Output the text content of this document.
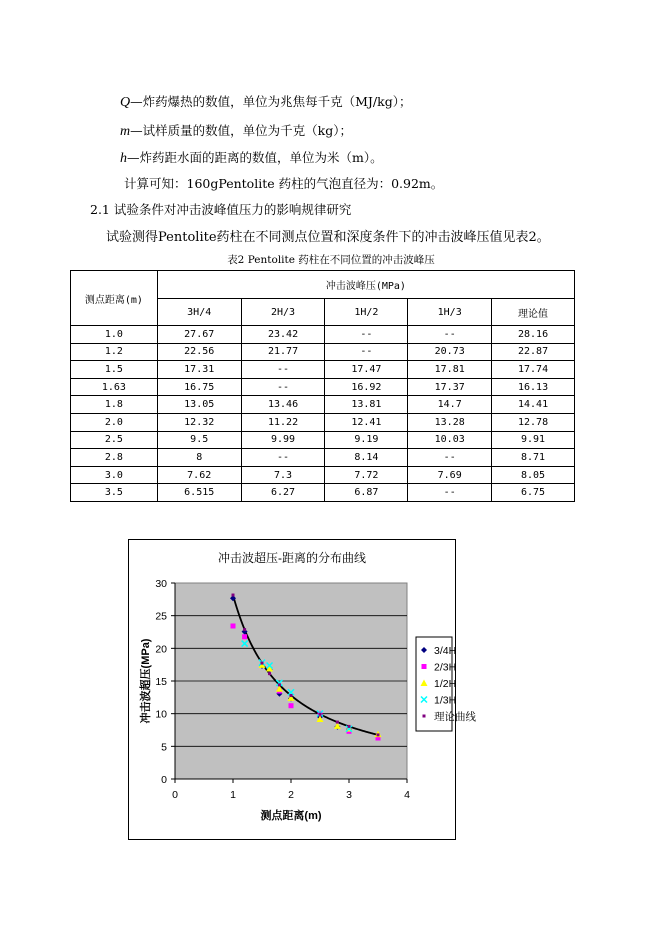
Q—炸药爆热的数值，单位为兆焦每千克（MJ/kg）；
m—试样质量的数值，单位为千克（kg）；
h—炸药距水面的距离的数值，单位为米（m）。
计算可知：160gPentolite 药柱的气泡直径为：0.92m。
2.1 试验条件对冲击波峰值压力的影响规律研究
试验测得Pentolite药柱在不同测点位置和深度条件下的冲击波峰压值见表2。
表2 Pentolite 药柱在不同位置的冲击波峰压
测点距离(m)	冲击波峰压(MPa)				
	3H/4	2H/3	1H/2	1H/3	理论值
1.0	27.67	23.42	--	--	28.16
1.2	22.56	21.77	--	20.73	22.87
1.5	17.31	--	17.47	17.81	17.74
1.63	16.75	--	16.92	17.37	16.13
1.8	13.05	13.46	13.81	14.7	14.41
2.0	12.32	11.22	12.41	13.28	12.78
2.5	9.5	9.99	9.19	10.03	9.91
2.8	8	--	8.14	--	8.71
3.0	7.62	7.3	7.72	7.69	8.05
3.5	6.515	6.27	6.87	--	6.75
冲击波超压-距离的分布曲线
0
5
10
15
20
25
30
0	1	2	3	4
测点距离(m)
冲击波超压(MPa)	3/4H
2/3H
1/2H
1/3H
理论曲线
